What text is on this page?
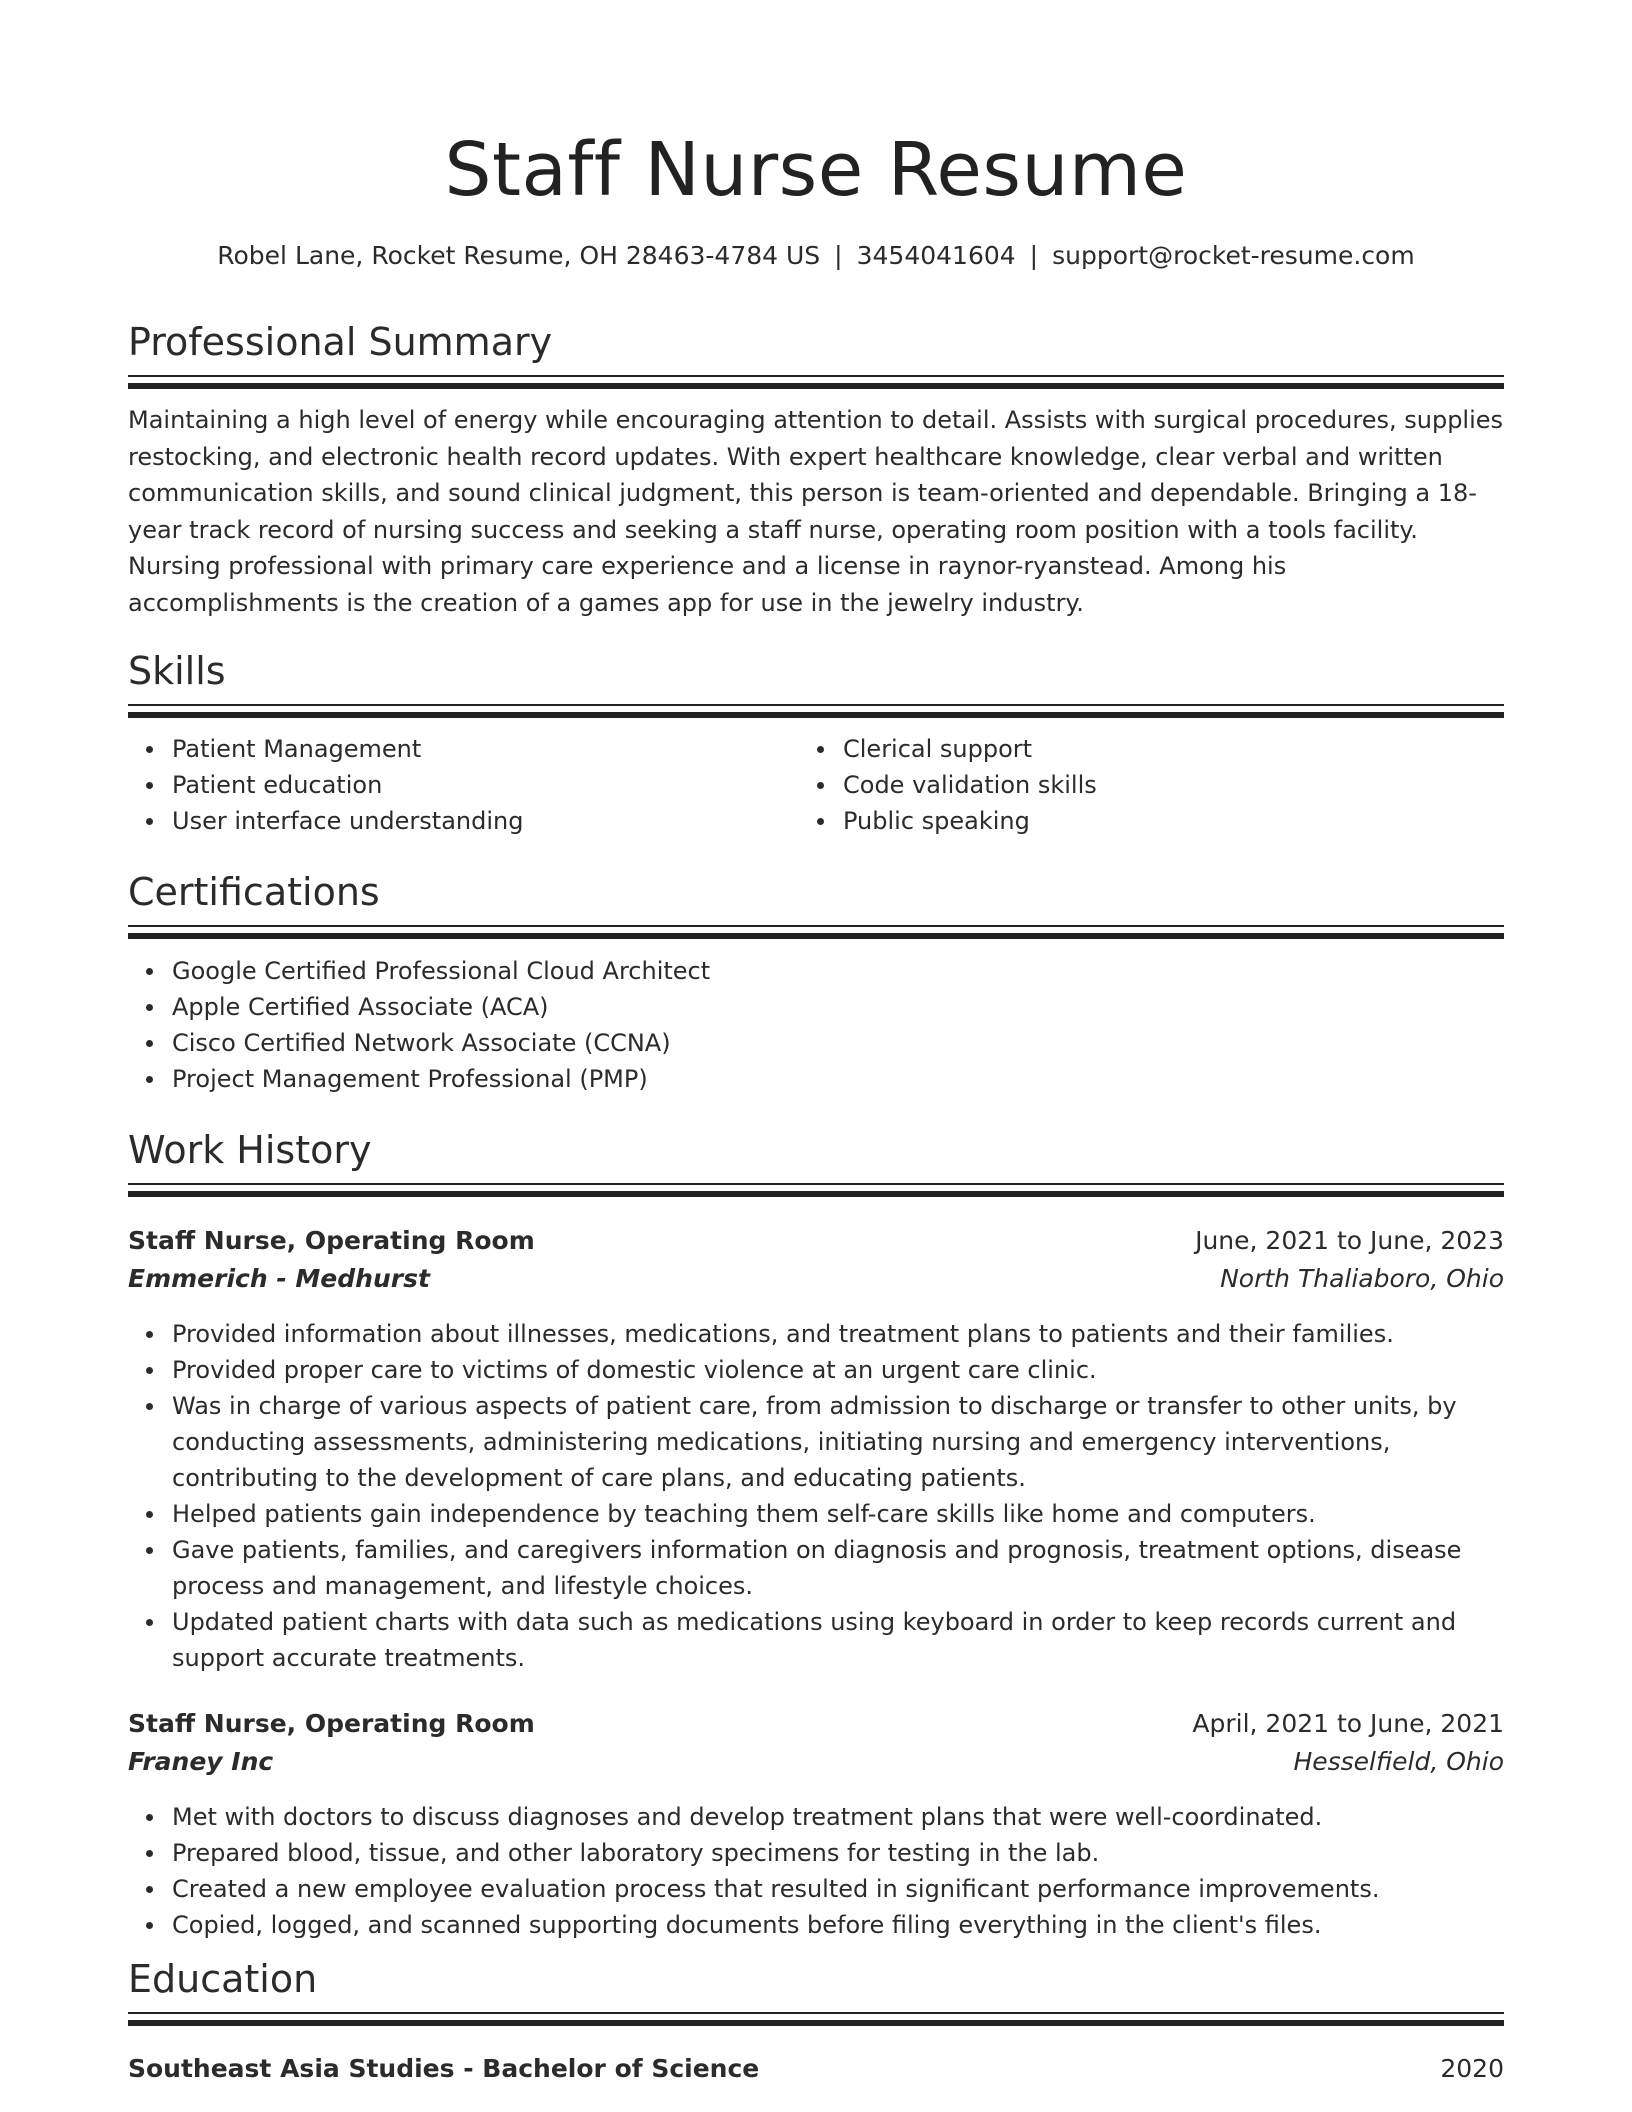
Staff Nurse Resume
Robel Lane, Rocket Resume, OH 28463-4784 US | 3454041604 | support@rocket-resume.com
Professional Summary
Maintaining a high level of energy while encouraging attention to detail. Assists with surgical procedures, supplies restocking, and electronic health record updates. With expert healthcare knowledge, clear verbal and written communication skills, and sound clinical judgment, this person is team-oriented and dependable. Bringing a 18-year track record of nursing success and seeking a staff nurse, operating room position with a tools facility. Nursing professional with primary care experience and a license in raynor-ryanstead. Among his accomplishments is the creation of a games app for use in the jewelry industry.
Skills
Patient Management
Patient education
User interface understanding
Clerical support
Code validation skills
Public speaking
Certifications
Google Certified Professional Cloud Architect
Apple Certified Associate (ACA)
Cisco Certified Network Associate (CCNA)
Project Management Professional (PMP)
Work History
Staff Nurse, Operating Room	June, 2021 to June, 2023
Emmerich - Medhurst	North Thaliaboro, Ohio
Provided information about illnesses, medications, and treatment plans to patients and their families.
Provided proper care to victims of domestic violence at an urgent care clinic.
Was in charge of various aspects of patient care, from admission to discharge or transfer to other units, by conducting assessments, administering medications, initiating nursing and emergency interventions, contributing to the development of care plans, and educating patients.
Helped patients gain independence by teaching them self-care skills like home and computers.
Gave patients, families, and caregivers information on diagnosis and prognosis, treatment options, disease process and management, and lifestyle choices.
Updated patient charts with data such as medications using keyboard in order to keep records current and support accurate treatments.
Staff Nurse, Operating Room	April, 2021 to June, 2021
Franey Inc	Hesselfield, Ohio
Met with doctors to discuss diagnoses and develop treatment plans that were well-coordinated.
Prepared blood, tissue, and other laboratory specimens for testing in the lab.
Created a new employee evaluation process that resulted in significant performance improvements.
Copied, logged, and scanned supporting documents before filing everything in the client's files.
Education
Southeast Asia Studies - Bachelor of Science	2020
